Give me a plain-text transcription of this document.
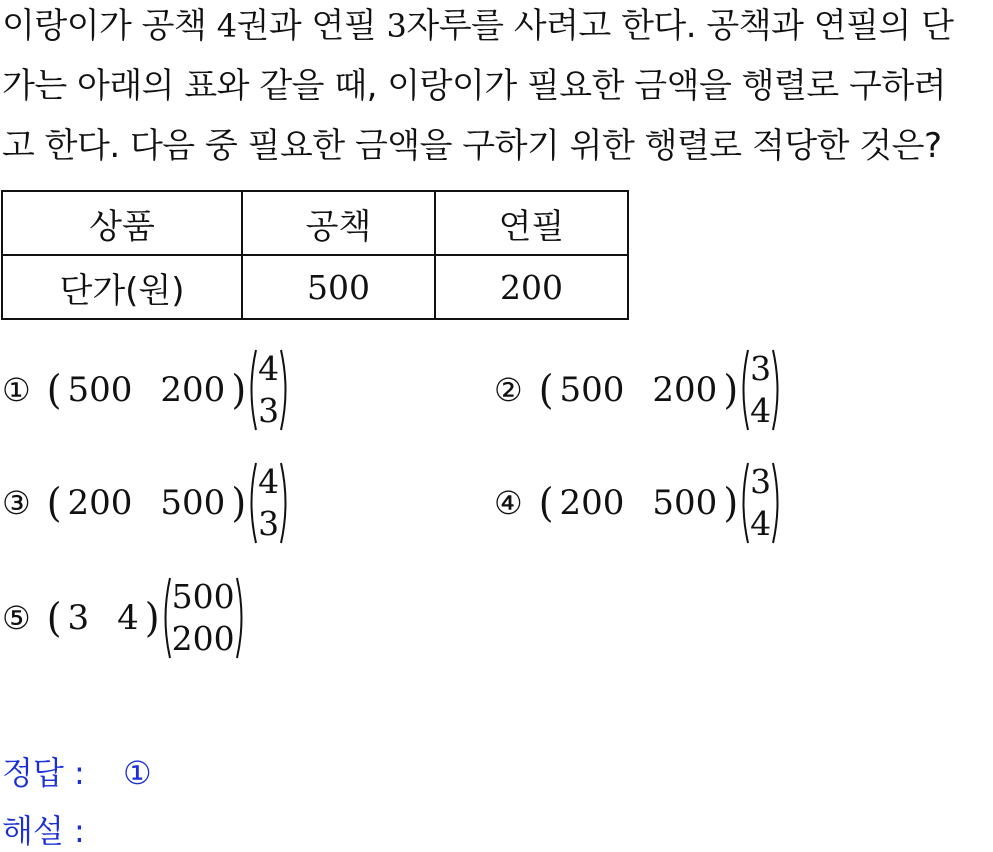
이랑이가 공책 4권과 연필 3자루를 사려고 한다. 공책과 연필의 단
가는 아래의 표와 같을 때, 이랑이가 필요한 금액을 행렬로 구하려
고 한다. 다음 중 필요한 금액을 구하기 위한 행렬로 적당한 것은?
상품	공책	연필
단가(원)	500	200
① ( 500 200 ) 4
3
② ( 500 200 ) 3
4
③ ( 200 500 ) 4
3
④ ( 200 500 ) 3
4
⑤ ( 3 4 ) 500
200
정답 : ①
해설 :
